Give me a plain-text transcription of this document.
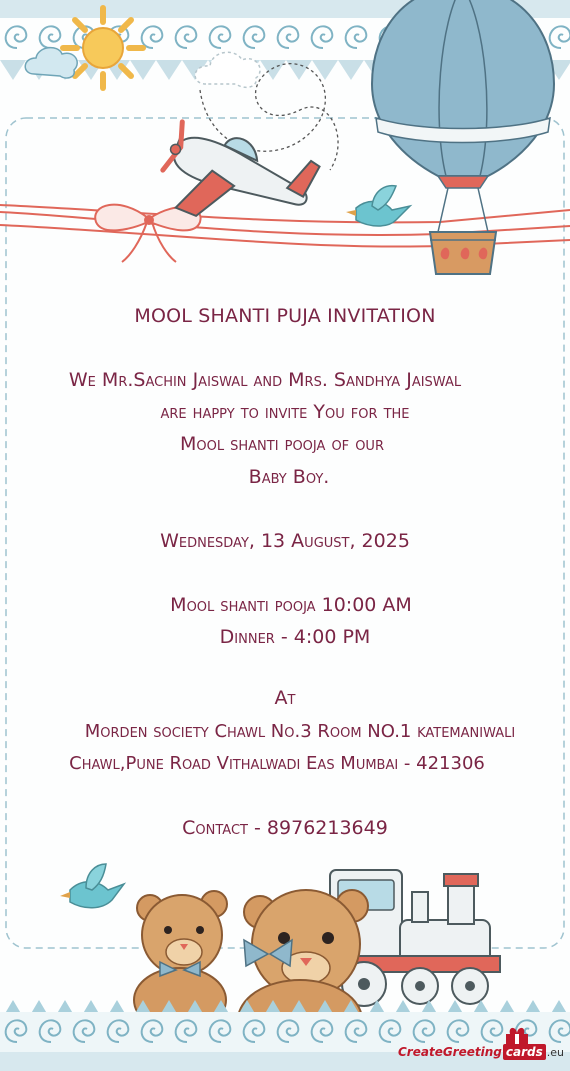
MOOL SHANTI PUJA INVITATION
We Mr.Sachin Jaiswal and Mrs. Sandhya Jaiswal
are happy to invite You for the
Mool shanti pooja of our
Baby Boy.
Wednesday, 13 August, 2025
Mool shanti pooja 10:00 AM
Dinner - 4:00 PM
At
Morden society Chawl No.3 Room NO.1 katemaniwali
Chawl,Pune Road Vithalwadi Eas Mumbai - 421306
Contact - 8976213649
CreateGreeting cards .eu
